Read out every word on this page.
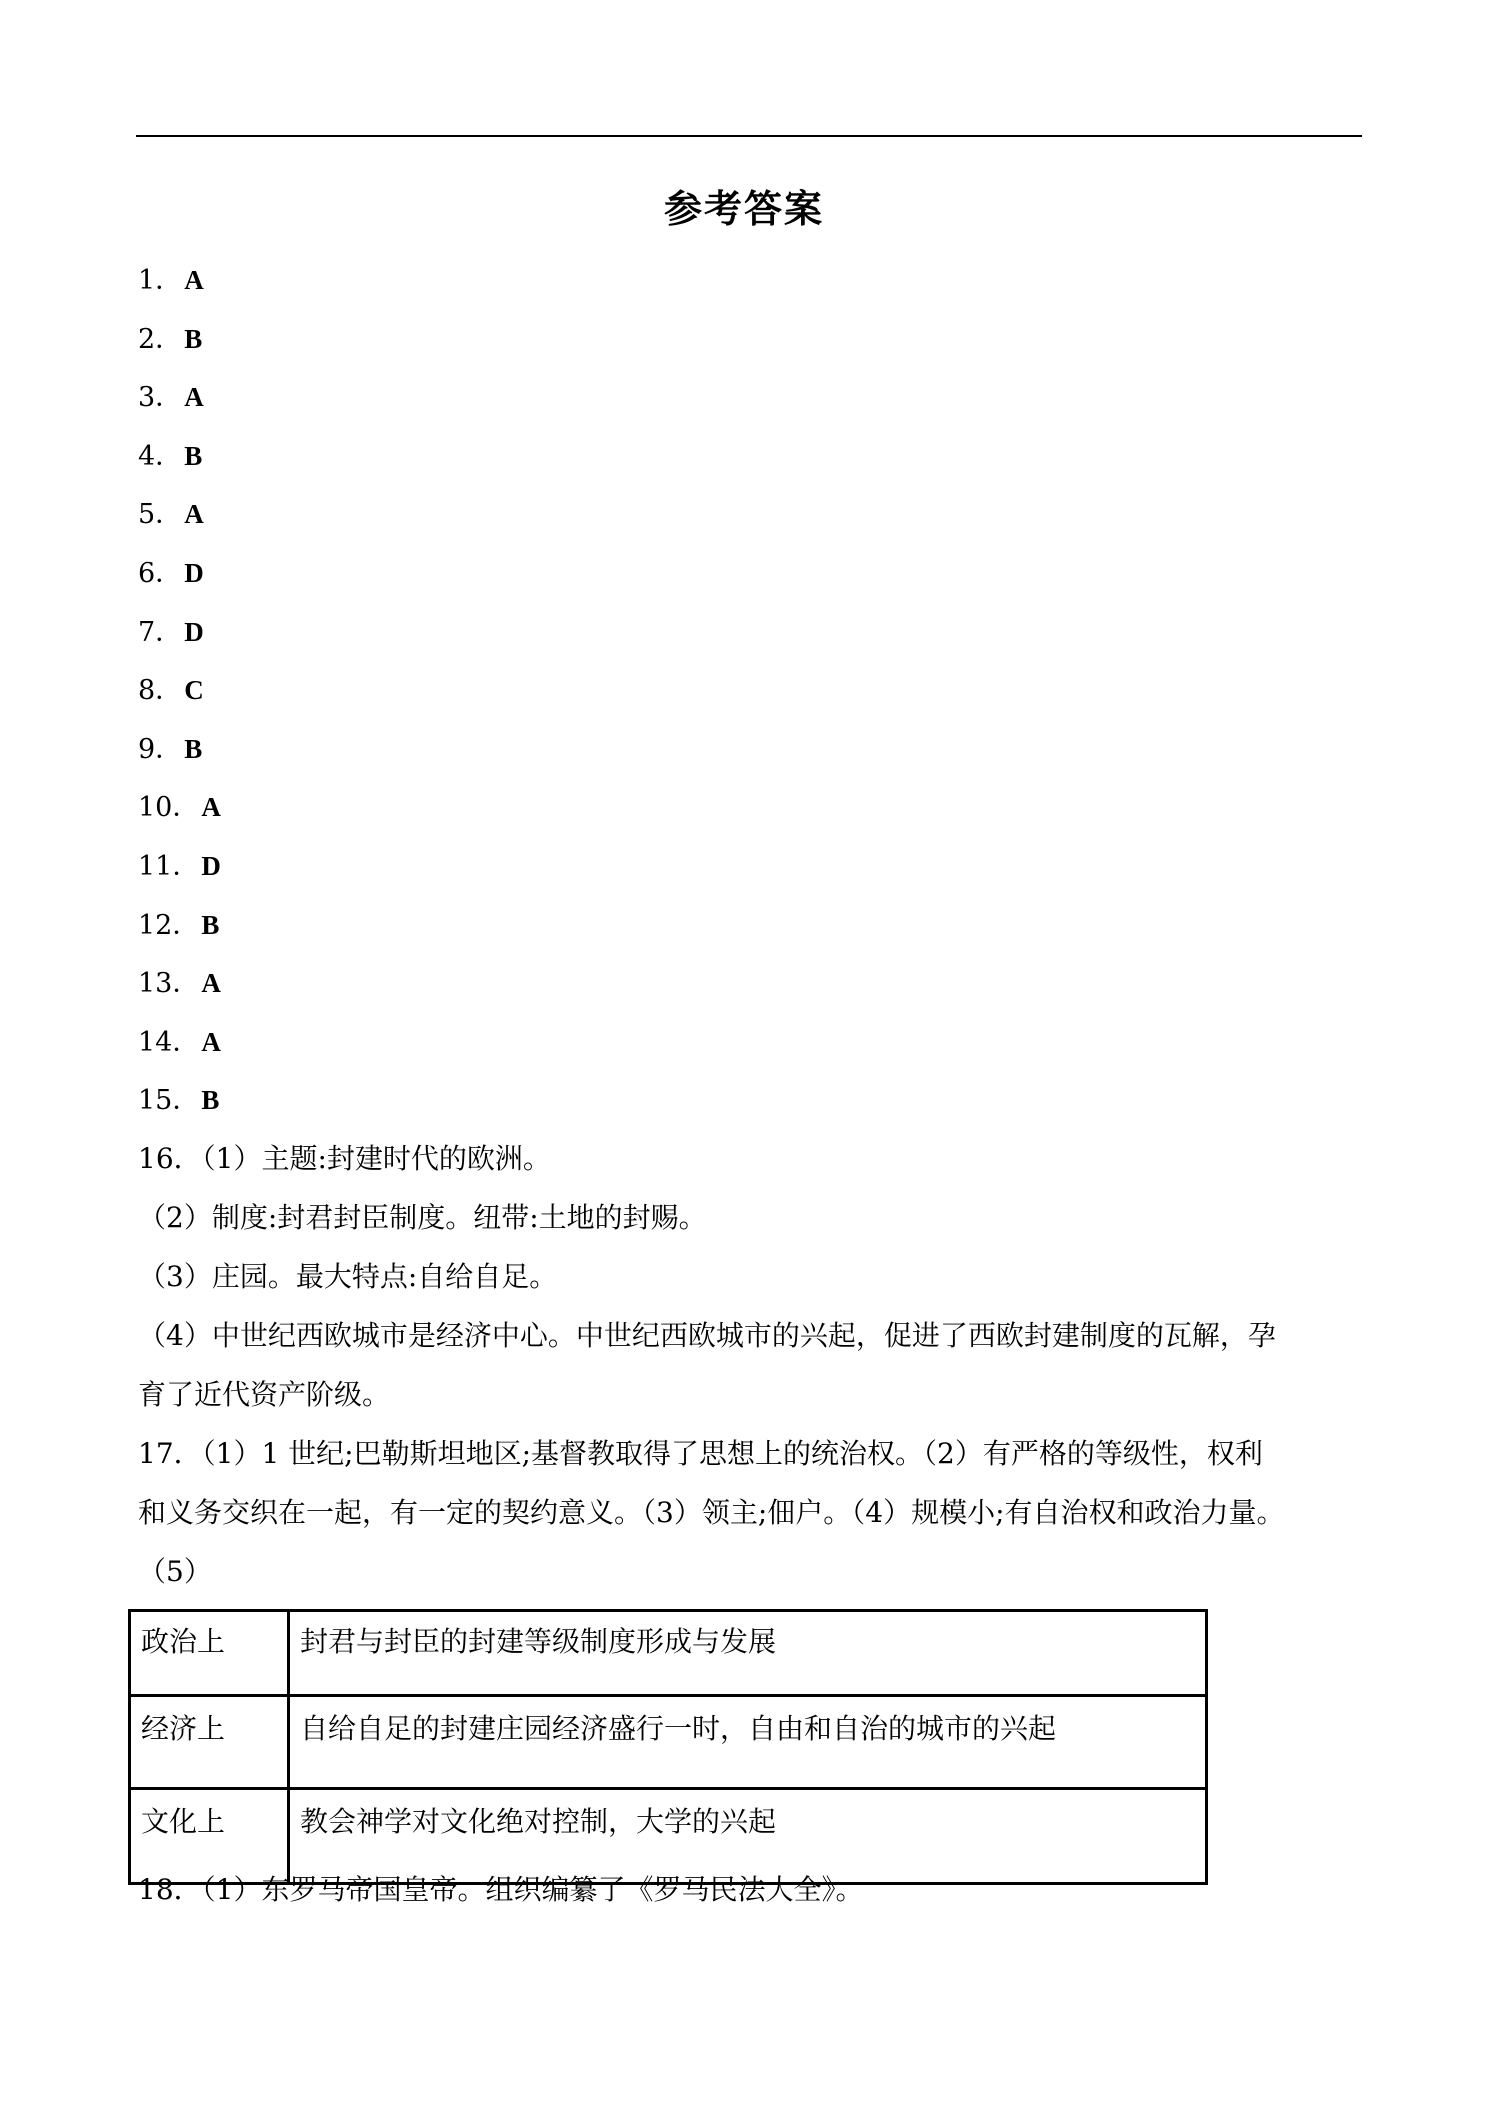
参考答案
1．A
2．B
3．A
4．B
5．A
6．D
7．D
8．C
9．B
10．A
11．D
12．B
13．A
14．A
15．B
16．（1）主题:封建时代的欧洲。
（2）制度:封君封臣制度。纽带:土地的封赐。
（3）庄园。最大特点:自给自足。
（4）中世纪西欧城市是经济中心。中世纪西欧城市的兴起，促进了西欧封建制度的瓦解，孕
育了近代资产阶级。
17．（1）1 世纪;巴勒斯坦地区;基督教取得了思想上的统治权。（2）有严格的等级性，权利
和义务交织在一起，有一定的契约意义。（3）领主;佃户。（4）规模小;有自治权和政治力量。
（5）
政治上	封君与封臣的封建等级制度形成与发展
经济上	自给自足的封建庄园经济盛行一时，自由和自治的城市的兴起
文化上	教会神学对文化绝对控制，大学的兴起
18．（1）东罗马帝国皇帝。组织编纂了《罗马民法大全》。
